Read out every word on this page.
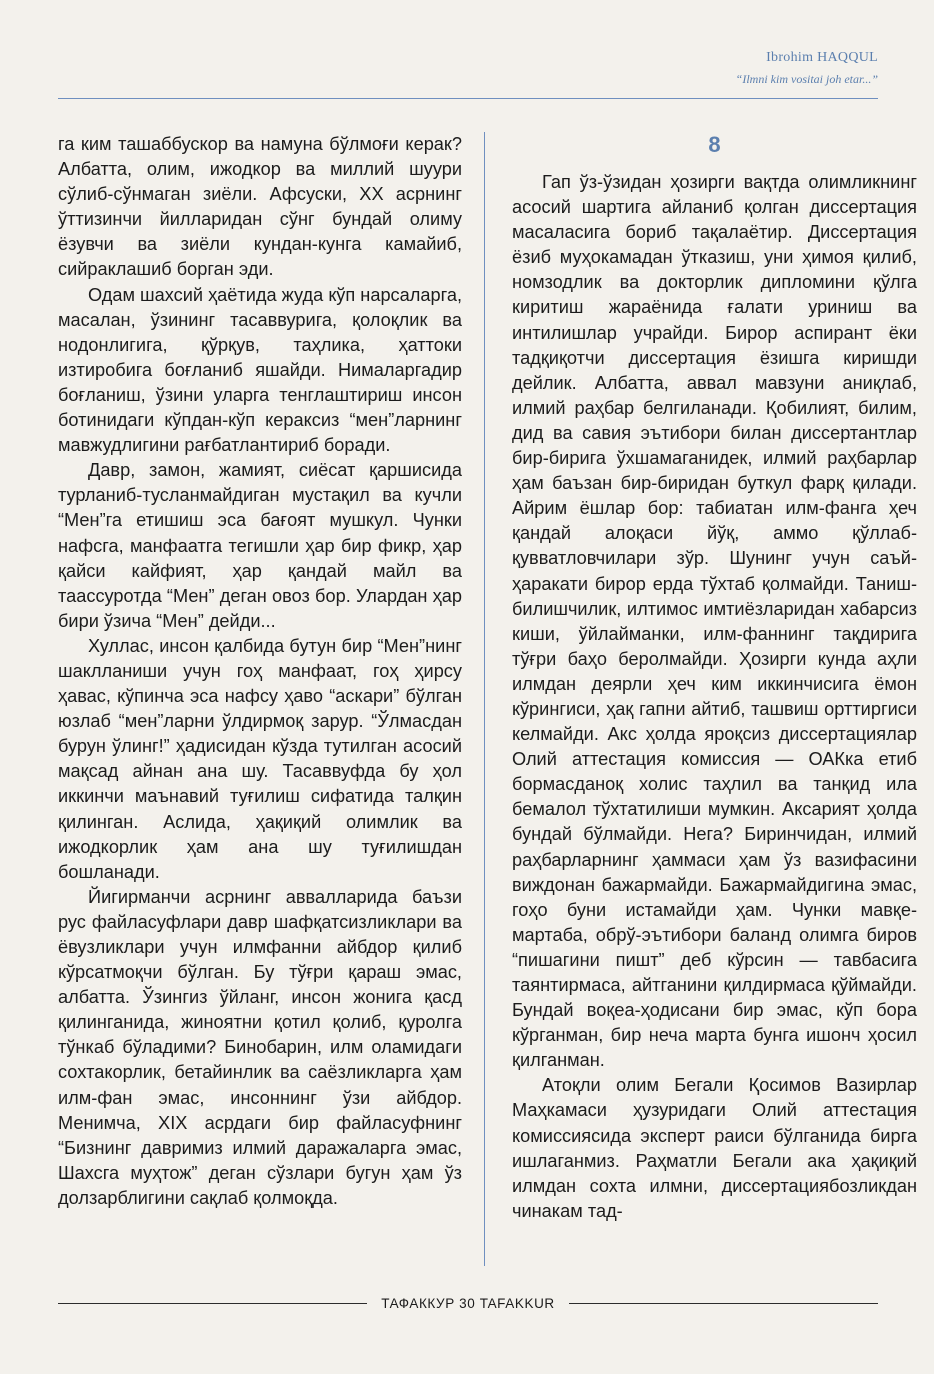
Ibrohim HAQQUL
“Ilmni kim vositai joh etar...”

га ким ташаббускор ва намуна бўлмоғи керак? Албатта, олим, ижодкор ва миллий шуури сўлиб-сўнмаган зиёли. Афсуски, XX асрнинг ўттизинчи йилларидан сўнг бундай олиму ёзувчи ва зиёли кундан-кунга камайиб, сийраклашиб борган эди.

Одам шахсий ҳаётида жуда кўп нарсаларга, масалан, ўзининг тасаввурига, қолоқлик ва нодонлигига, қўрқув, таҳлика, ҳаттоки изтиробига боғланиб яшайди. Нималаргадир боғланиш, ўзини уларга тенглаштириш инсон ботинидаги кўпдан-кўп кераксиз “мен”ларнинг мавжудлигини рағбатлантириб боради.

Давр, замон, жамият, сиёсат қаршисида турланиб-тусланмайдиган мустақил ва кучли “Мен”га етишиш эса бағоят мушкул. Чунки нафсга, манфаатга тегишли ҳар бир фикр, ҳар қайси кайфият, ҳар қандай майл ва таассуротда “Мен” деган овоз бор. Улардан ҳар бири ўзича “Мен” дейди...

Хуллас, инсон қалбида бутун бир “Мен”нинг шаклланиши учун гоҳ манфаат, гоҳ ҳирсу ҳавас, кўпинча эса нафсу ҳаво “аскари” бўлган юзлаб “мен”ларни ўлдирмоқ зарур. “Ўлмасдан бурун ўлинг!” ҳадисидан кўзда тутилган асосий мақсад айнан ана шу. Тасаввуфда бу ҳол иккинчи маънавий туғилиш сифатида талқин қилинган. Аслида, ҳақиқий олимлик ва ижодкорлик ҳам ана шу туғилишдан бошланади.

Йигирманчи асрнинг аввалларида баъзи рус файласуфлари давр шафқатсизликлари ва ёвузликлари учун илмфанни айбдор қилиб кўрсатмоқчи бўлган. Бу тўғри қараш эмас, албатта. Ўзингиз ўйланг, инсон жонига қасд қилинганида, жиноятни қотил қолиб, қуролга тўнкаб бўладими? Бинобарин, илм оламидаги сохтакорлик, бетайинлик ва саёзликларга ҳам илм-фан эмас, инсоннинг ўзи айбдор. Менимча, XIX асрдаги бир файласуфнинг “Бизнинг давримиз илмий даражаларга эмас, Шахсга муҳтож” деган сўзлари бугун ҳам ўз долзарблигини сақлаб қолмоқда.

8

Гап ўз-ўзидан ҳозирги вақтда олимликнинг асосий шартига айланиб қолган диссертация масаласига бориб тақалаётир. Диссертация ёзиб муҳокамадан ўтказиш, уни ҳимоя қилиб, номзодлик ва докторлик дипломини қўлга киритиш жараёнида ғалати уриниш ва интилишлар учрайди. Бирор аспирант ёки тадқиқотчи диссертация ёзишга киришди дейлик. Албатта, аввал мавзуни аниқлаб, илмий раҳбар белгиланади. Қобилият, билим, дид ва савия эътибори билан диссертантлар бир-бирига ўхшамаганидек, илмий раҳбарлар ҳам баъзан бир-биридан буткул фарқ қилади. Айрим ёшлар бор: табиатан илм-фанга ҳеч қандай алоқаси йўқ, аммо қўллаб-қувватловчилари зўр. Шунинг учун саъй-ҳаракати бирор ерда тўхтаб қолмайди. Таниш-билишчилик, илтимос имтиёзларидан хабарсиз киши, ўйлайманки, илм-фаннинг тақдирига тўғри баҳо беролмайди. Ҳозирги кунда аҳли илмдан деярли ҳеч ким иккинчисига ёмон кўрингиси, ҳақ гапни айтиб, ташвиш орттиргиси келмайди. Акс ҳолда яроқсиз диссертациялар Олий аттестация комиссия — ОАКка етиб бормасданоқ холис таҳлил ва танқид ила бемалол тўхтатилиши мумкин. Аксарият ҳолда бундай бўлмайди. Нега? Биринчидан, илмий раҳбарларнинг ҳаммаси ҳам ўз вазифасини виждонан бажармайди. Бажармайдигина эмас, гоҳо буни истамайди ҳам. Чунки мавқе-мартаба, обрў-эътибори баланд олимга биров “пишагини пишт” деб кўрсин — тавбасига таянтирмаса, айтганини қилдирмаса қўймайди. Бундай воқеа-ҳодисани бир эмас, кўп бора кўрганман, бир неча марта бунга ишонч ҳосил қилганман.

Атоқли олим Бегали Қосимов Вазирлар Маҳкамаси ҳузуридаги Олий аттестация комиссиясида эксперт раиси бўлганида бирга ишлаганмиз. Раҳматли Бегали ака ҳақиқий илмдан сохта илмни, диссертациябозликдан чинакам тад-

ТАФАККУР 30 TAFAKKUR
